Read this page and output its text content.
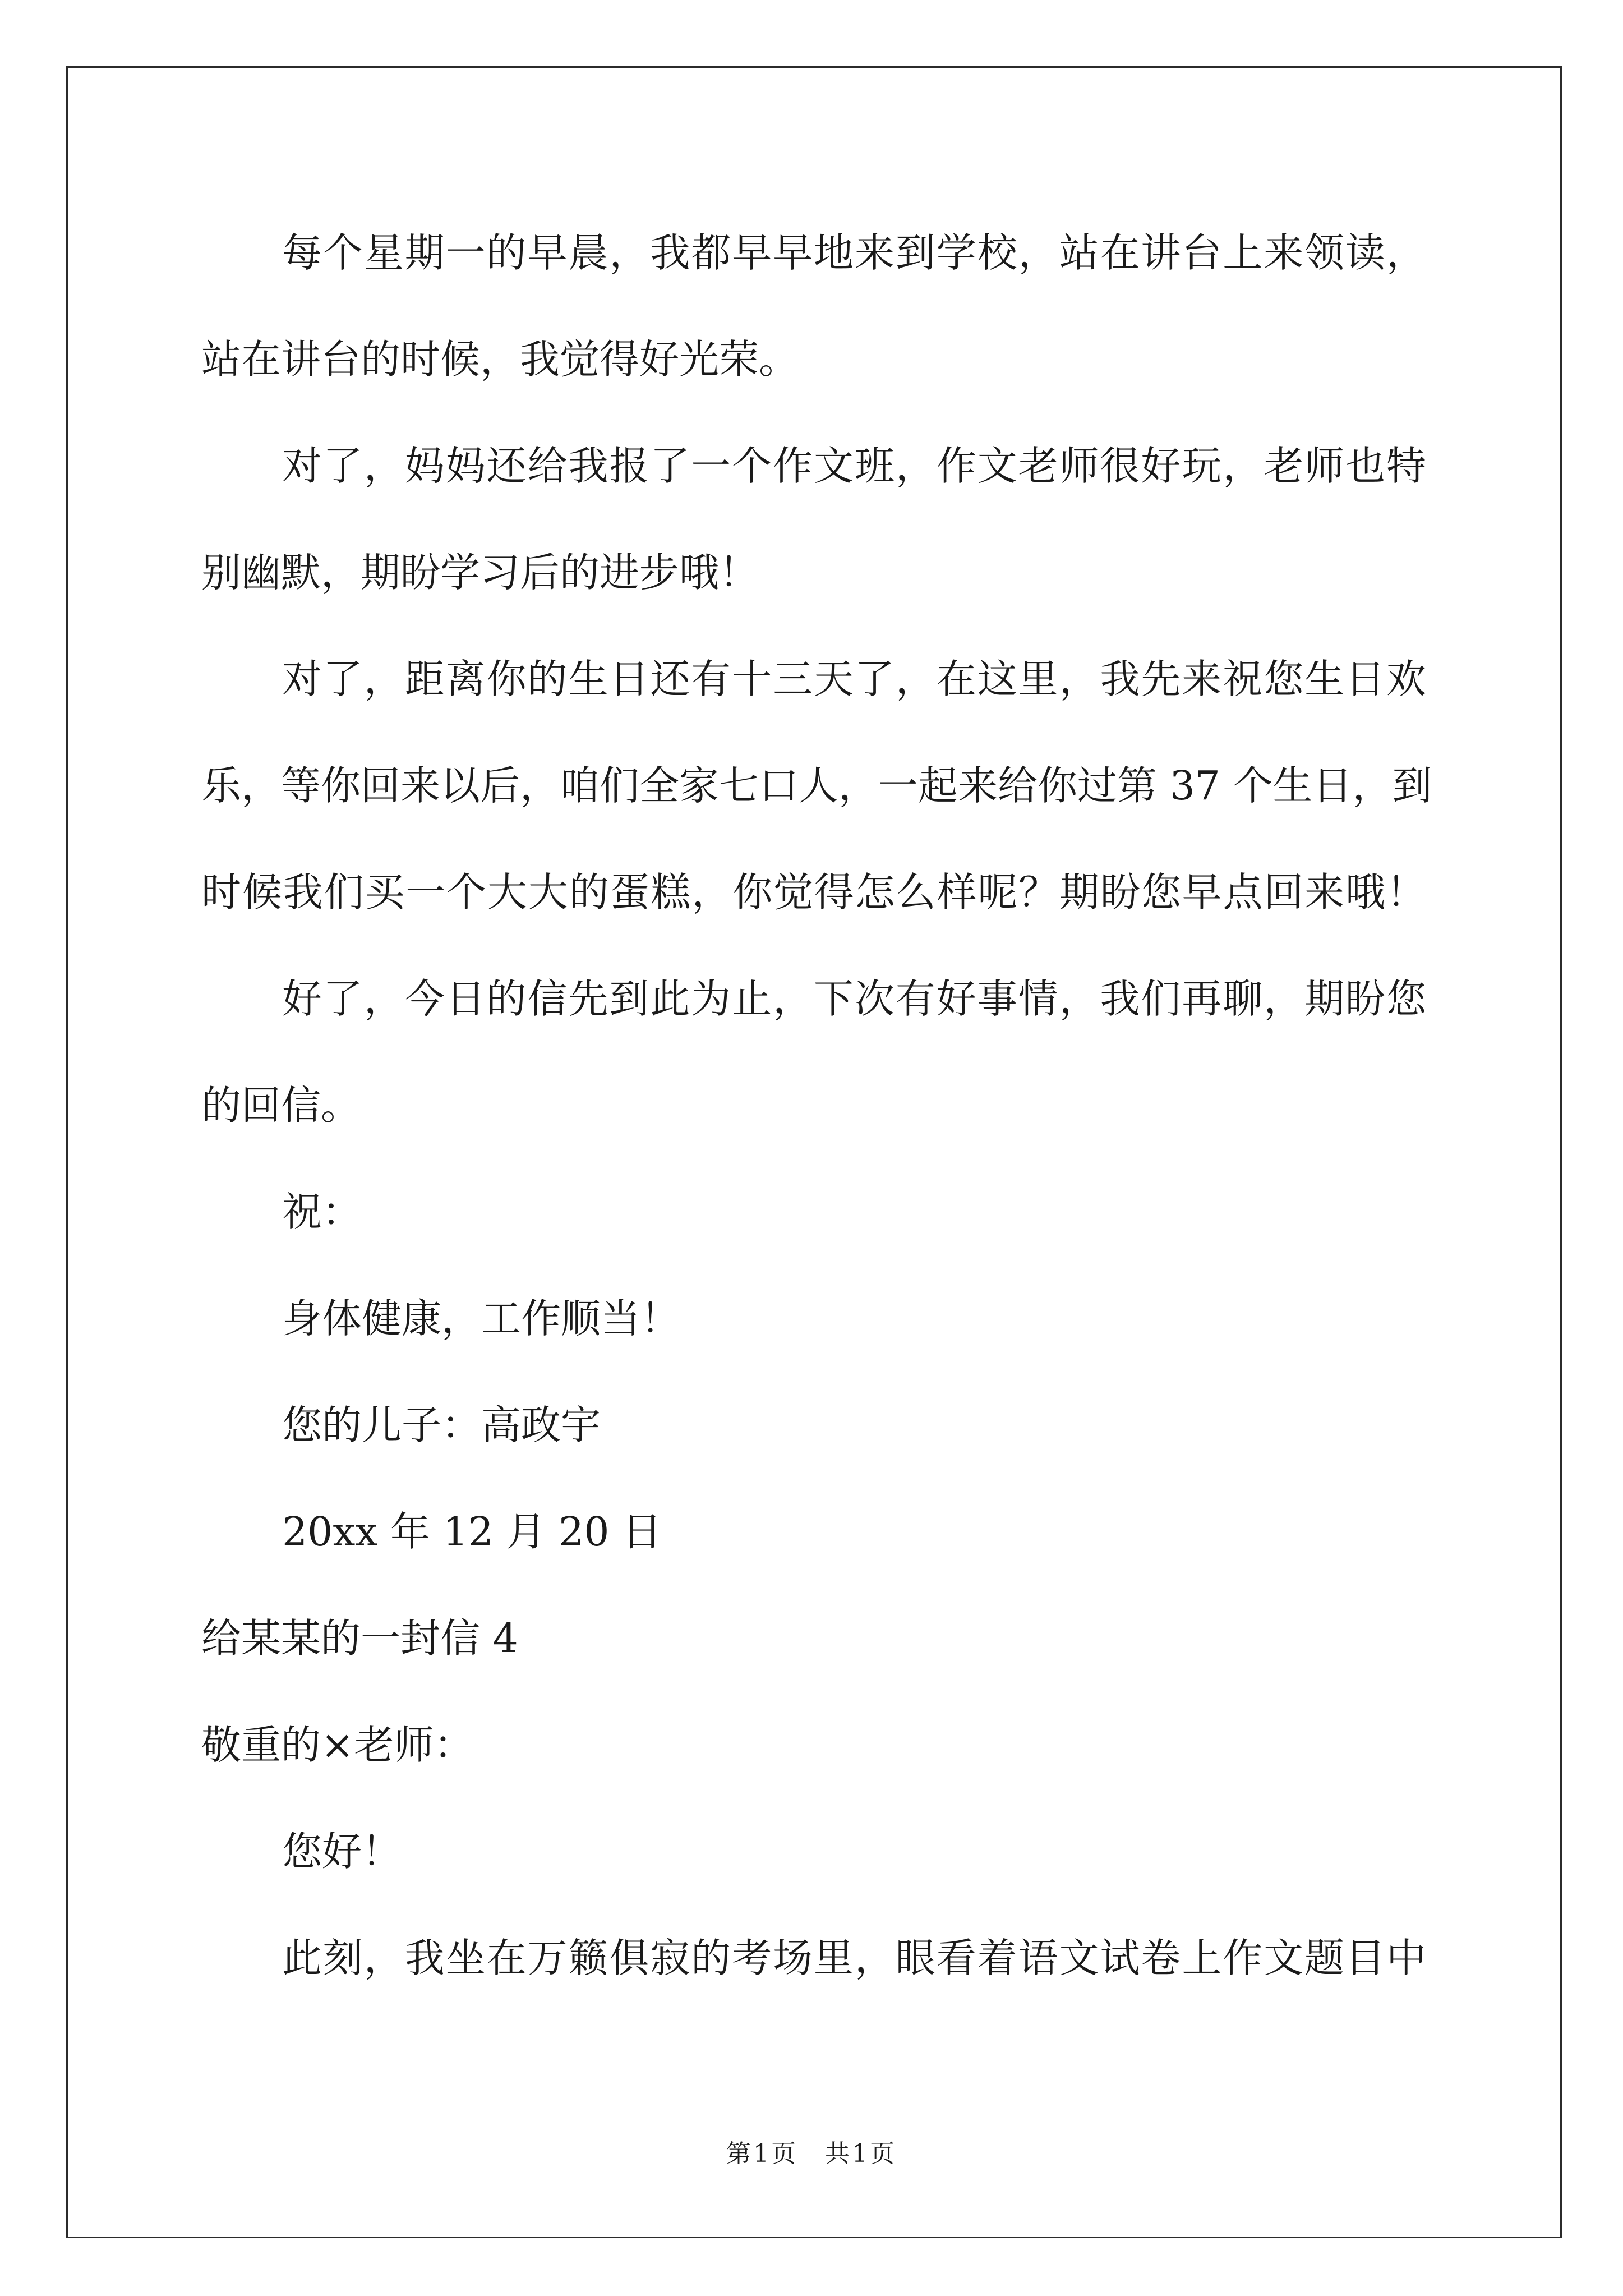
每个星期一的早晨，我都早早地来到学校，站在讲台上来领读，
站在讲台的时候，我觉得好光荣。
对了，妈妈还给我报了一个作文班，作文老师很好玩，老师也特
别幽默，期盼学习后的进步哦！
对了，距离你的生日还有十三天了，在这里，我先来祝您生日欢
乐，等你回来以后，咱们全家七口人，一起来给你过第 37 个生日，到
时候我们买一个大大的蛋糕，你觉得怎么样呢？期盼您早点回来哦！
好了，今日的信先到此为止，下次有好事情，我们再聊，期盼您
的回信。
祝：
身体健康，工作顺当！
您的儿子：高政宇
20xx 年 12 月 20 日
给某某的一封信 4
敬重的×老师：
您好！
此刻，我坐在万籁俱寂的考场里，眼看着语文试卷上作文题目中
第1页　共1页
